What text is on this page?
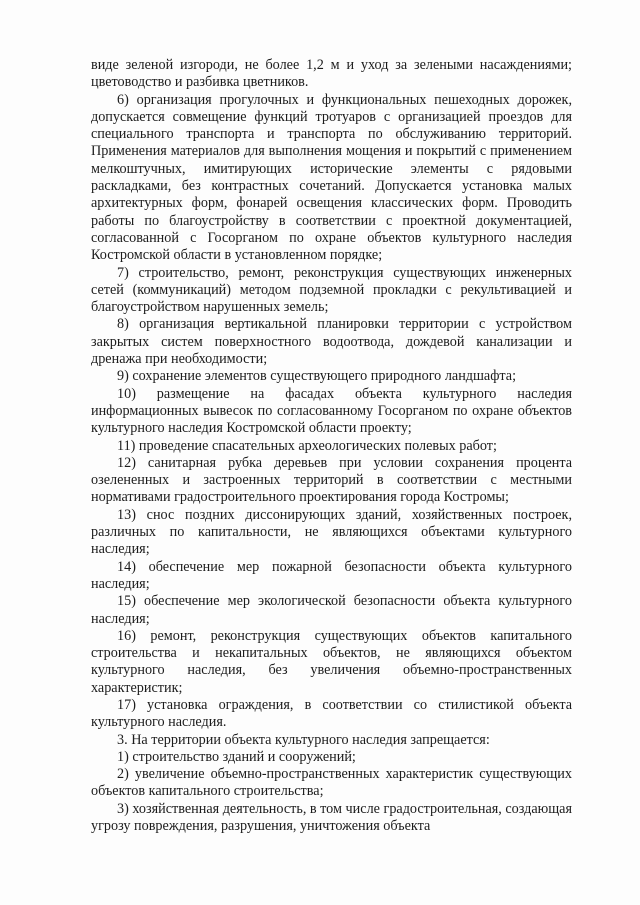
виде зеленой изгороди, не более 1,2 м и уход за зелеными насаждениями; цветоводство и разбивка цветников.

6) организация прогулочных и функциональных пешеходных дорожек, допускается совмещение функций тротуаров с организацией проездов для специального транспорта и транспорта по обслуживанию территорий. Применения материалов для выполнения мощения и покрытий с применением мелкоштучных, имитирующих исторические элементы с рядовыми раскладками, без контрастных сочетаний. Допускается установка малых архитектурных форм, фонарей освещения классических форм. Проводить работы по благоустройству в соответствии с проектной документацией, согласованной с Госорганом по охране объектов культурного наследия Костромской области в установленном порядке;

7) строительство, ремонт, реконструкция существующих инженерных сетей (коммуникаций) методом подземной прокладки с рекультивацией и благоустройством нарушенных земель;

8) организация вертикальной планировки территории с устройством закрытых систем поверхностного водоотвода, дождевой канализации и дренажа при необходимости;

9) сохранение элементов существующего природного ландшафта;

10) размещение на фасадах объекта культурного наследия информационных вывесок по согласованному Госорганом по охране объектов культурного наследия Костромской области проекту;

11) проведение спасательных археологических полевых работ;

12) санитарная рубка деревьев при условии сохранения процента озелененных и застроенных территорий в соответствии с местными нормативами градостроительного проектирования города Костромы;

13) снос поздних диссонирующих зданий, хозяйственных построек, различных по капитальности, не являющихся объектами культурного наследия;

14) обеспечение мер пожарной безопасности объекта культурного наследия;

15) обеспечение мер экологической безопасности объекта культурного наследия;

16) ремонт, реконструкция существующих объектов капитального строительства и некапитальных объектов, не являющихся объектом культурного наследия, без увеличения объемно-пространственных характеристик;

17) установка ограждения, в соответствии со стилистикой объекта культурного наследия.

3. На территории объекта культурного наследия запрещается:

1) строительство зданий и сооружений;

2) увеличение объемно-пространственных характеристик существующих объектов капитального строительства;

3) хозяйственная деятельность, в том числе градостроительная, создающая угрозу повреждения, разрушения, уничтожения объекта
